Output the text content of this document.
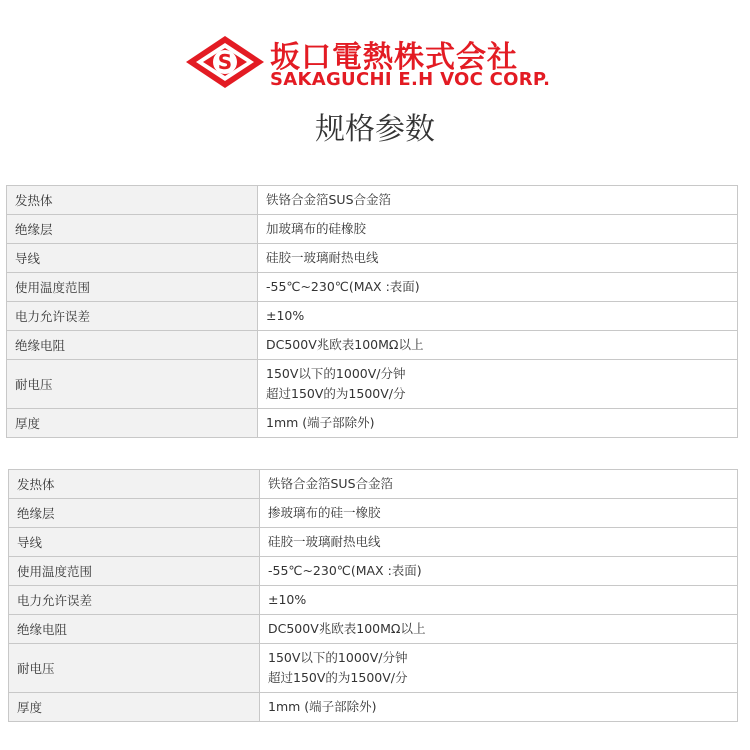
S 坂口電熱株式会社
SAKAGUCHI E.H VOC CORP.
规格参数
发热体	铁铬合金箔SUS合金箔

绝缘层	加玻璃布的硅橡胶

导线	硅胶一玻璃耐热电线

使用温度范围	-55℃~230℃(MAX :表面)

电力允许误差	±10%

绝缘电阻	DC500V兆欧表100MΩ以上

耐电压	150V以下的1000V/分钟
超过150V的为1500V/分

厚度	1mm (端子部除外)
发热体	铁铬合金箔SUS合金箔

绝缘层	掺玻璃布的硅一橡胶

导线	硅胶一玻璃耐热电线

使用温度范围	-55℃~230℃(MAX :表面)

电力允许误差	±10%

绝缘电阻	DC500V兆欧表100MΩ以上

耐电压	150V以下的1000V/分钟
超过150V的为1500V/分

厚度	1mm (端子部除外)
